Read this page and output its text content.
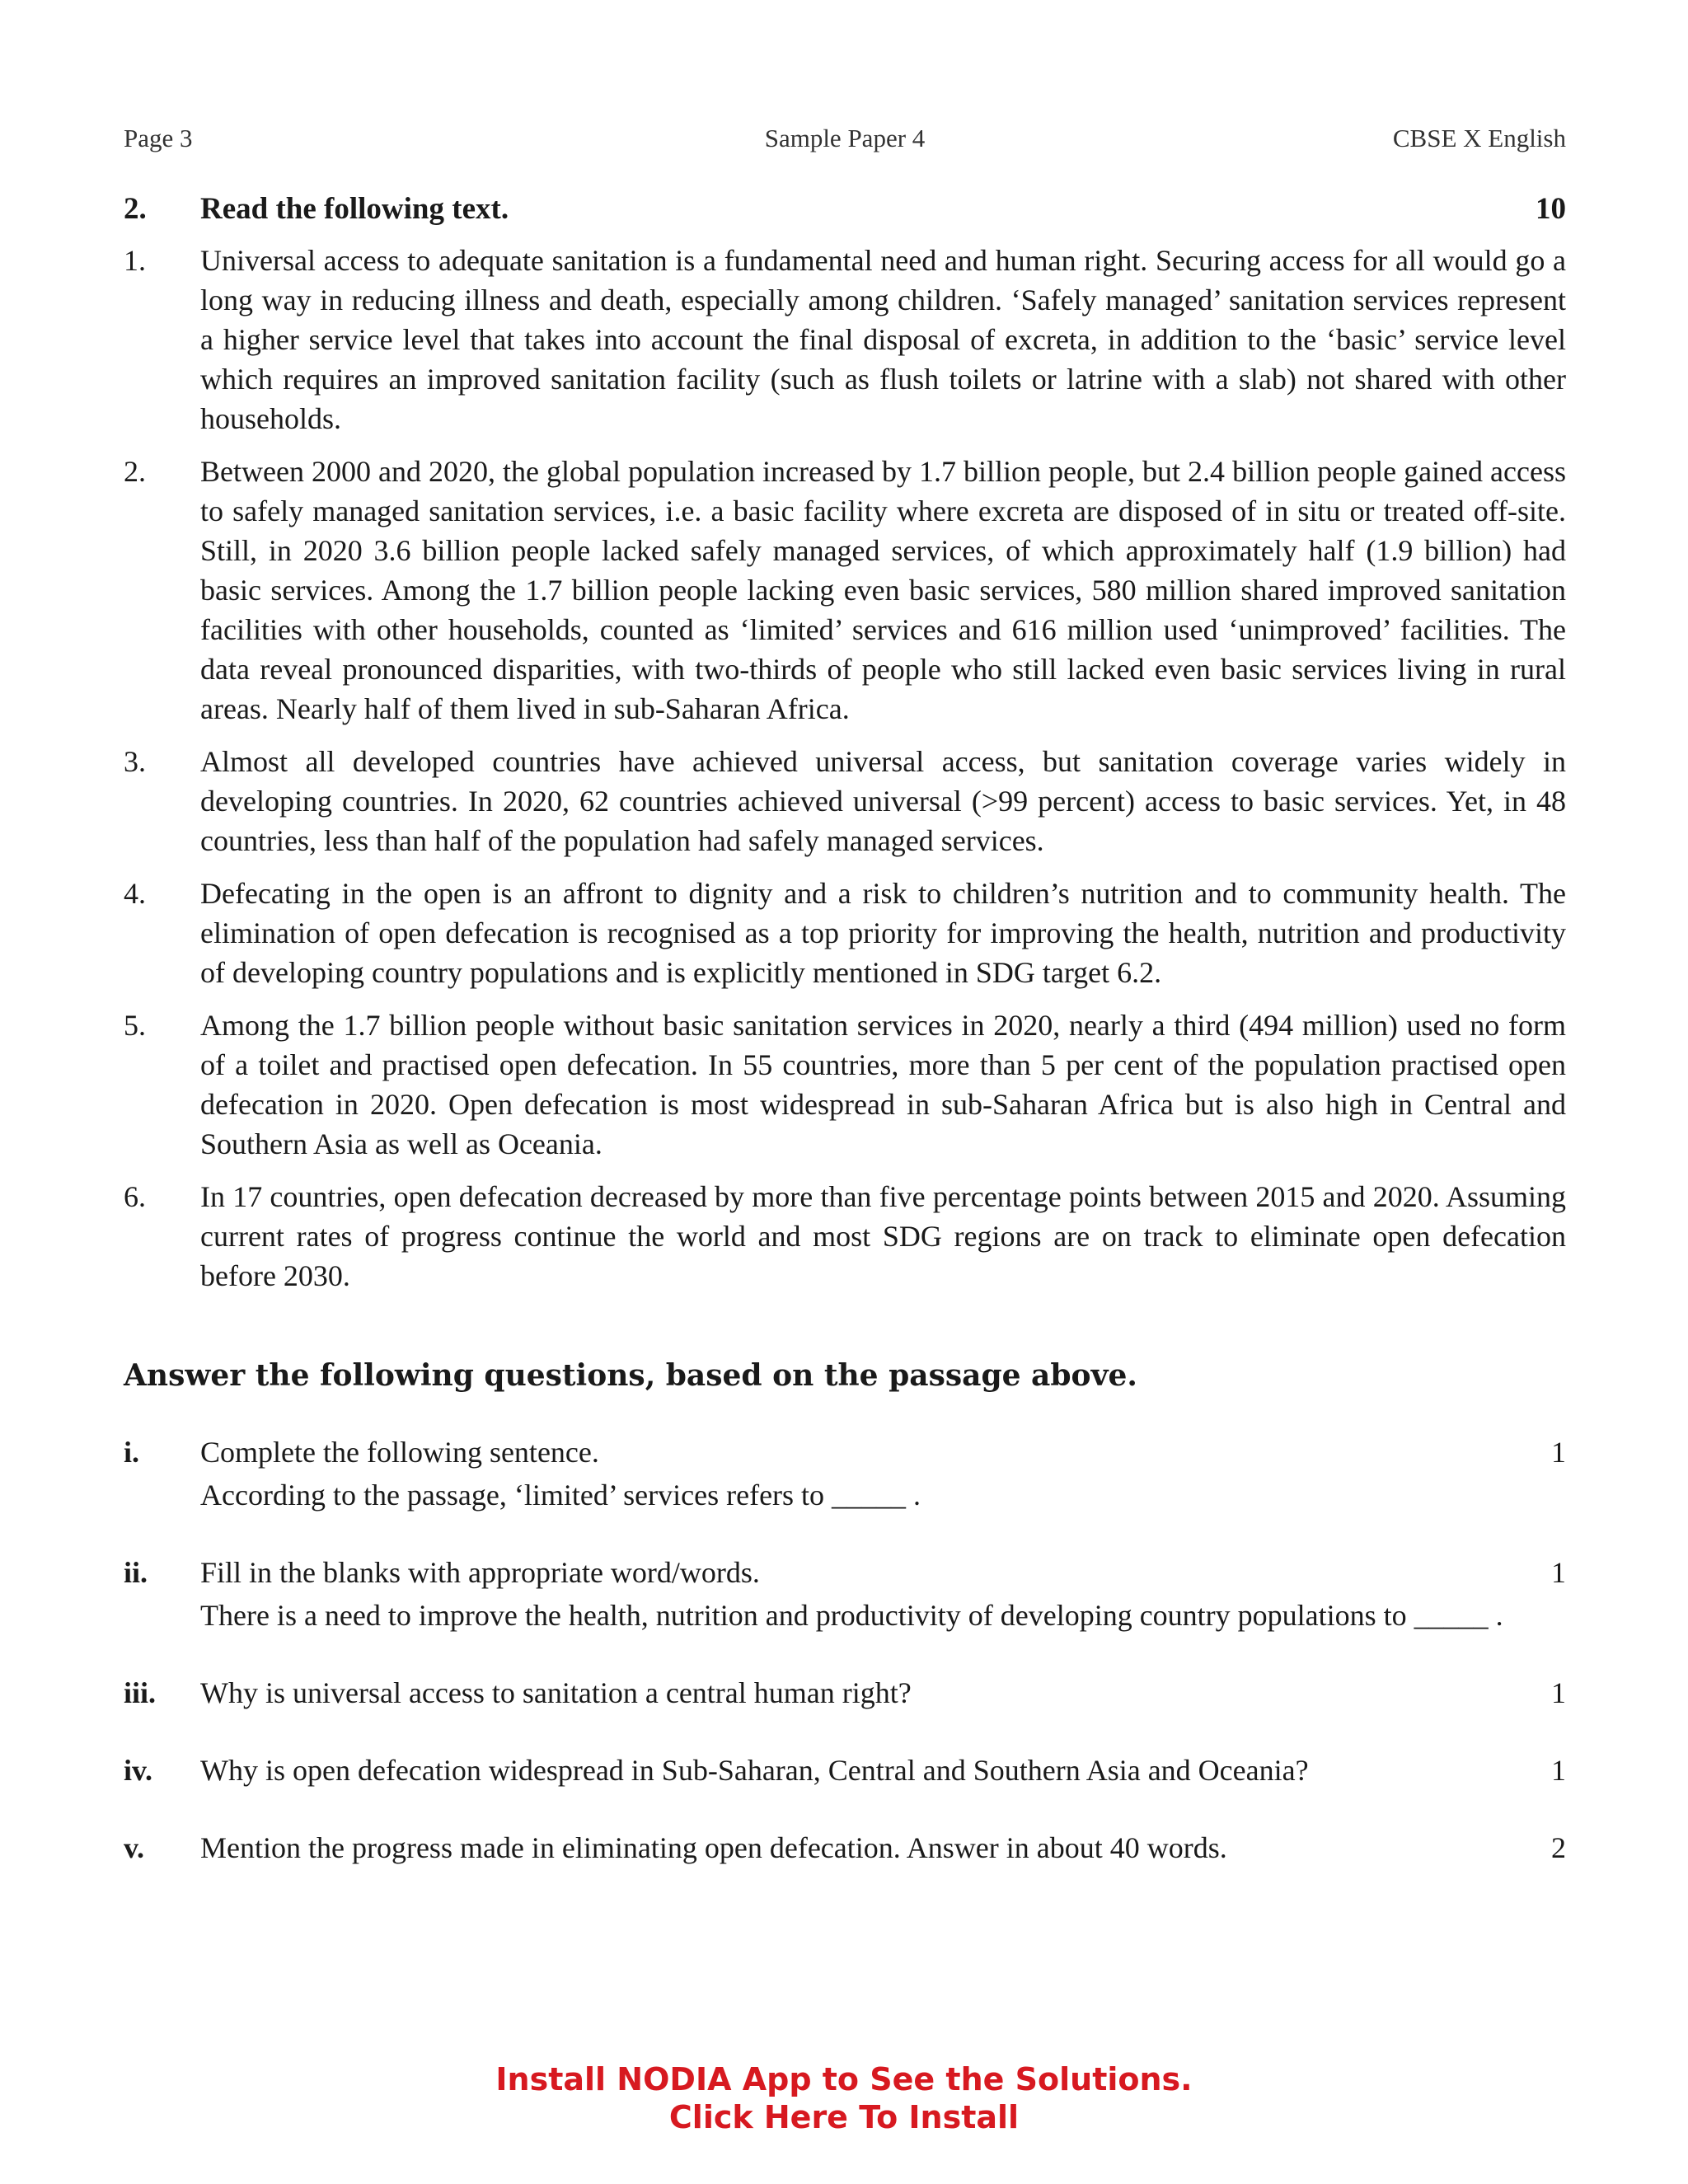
Page 3	Sample Paper 4	CBSE X English
2. Read the following text.	10
1. Universal access to adequate sanitation is a fundamental need and human right. Securing access for all would go a long way in reducing illness and death, especially among children. ‘Safely managed’ sanitation services represent a higher service level that takes into account the final disposal of excreta, in addition to the ‘basic’ service level which requires an improved sanitation facility (such as flush toilets or latrine with a slab) not shared with other households.
2. Between 2000 and 2020, the global population increased by 1.7 billion people, but 2.4 billion people gained access to safely managed sanitation services, i.e. a basic facility where excreta are disposed of in situ or treated off-site. Still, in 2020 3.6 billion people lacked safely managed services, of which approximately half (1.9 billion) had basic services. Among the 1.7 billion people lacking even basic services, 580 million shared improved sanitation facilities with other households, counted as ‘limited’ services and 616 million used ‘unimproved’ facilities. The data reveal pronounced disparities, with two-thirds of people who still lacked even basic services living in rural areas. Nearly half of them lived in sub-Saharan Africa.
3. Almost all developed countries have achieved universal access, but sanitation coverage varies widely in developing countries. In 2020, 62 countries achieved universal (>99 percent) access to basic services. Yet, in 48 countries, less than half of the population had safely managed services.
4. Defecating in the open is an affront to dignity and a risk to children’s nutrition and to community health. The elimination of open defecation is recognised as a top priority for improving the health, nutrition and productivity of developing country populations and is explicitly mentioned in SDG target 6.2.
5. Among the 1.7 billion people without basic sanitation services in 2020, nearly a third (494 million) used no form of a toilet and practised open defecation. In 55 countries, more than 5 per cent of the population practised open defecation in 2020. Open defecation is most widespread in sub-Saharan Africa but is also high in Central and Southern Asia as well as Oceania.
6. In 17 countries, open defecation decreased by more than five percentage points between 2015 and 2020. Assuming current rates of progress continue the world and most SDG regions are on track to eliminate open defecation before 2030.
Answer the following questions, based on the passage above.
i. Complete the following sentence.
According to the passage, ‘limited’ services refers to _____ .
1
ii. Fill in the blanks with appropriate word/words.
There is a need to improve the health, nutrition and productivity of developing country populations to _____ .
1
iii. Why is universal access to sanitation a central human right?	1
iv. Why is open defecation widespread in Sub-Saharan, Central and Southern Asia and Oceania?	1
v. Mention the progress made in eliminating open defecation. Answer in about 40 words.	2
Install NODIA App to See the Solutions.
Click Here To Install
